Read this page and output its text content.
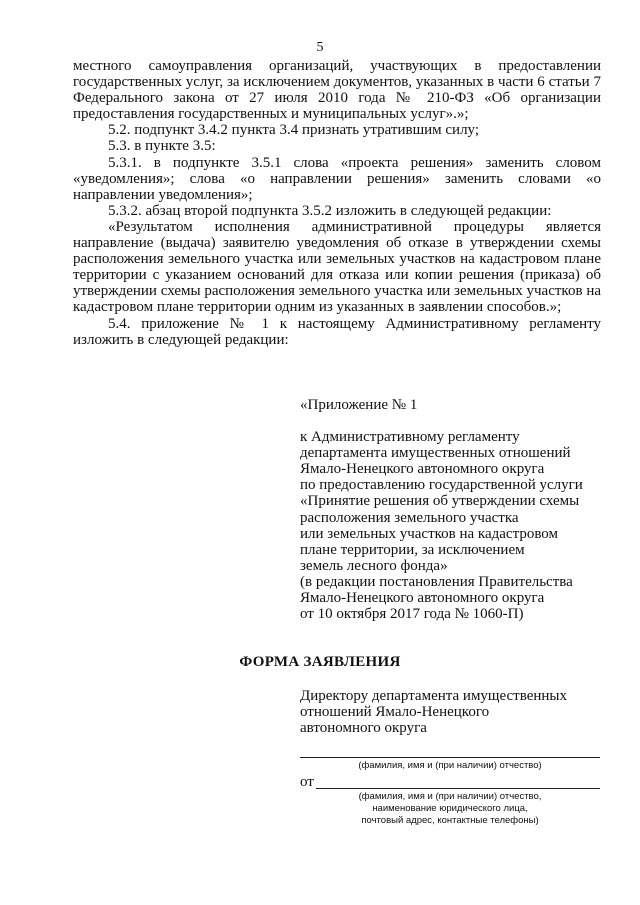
5

местного самоуправления организаций, участвующих в предоставлении государственных услуг, за исключением документов, указанных в части 6 статьи 7 Федерального закона от 27 июля 2010 года № 210-ФЗ «Об организации предоставления государственных и муниципальных услуг».»;

5.2. подпункт 3.4.2 пункта 3.4 признать утратившим силу;

5.3. в пункте 3.5:

5.3.1. в подпункте 3.5.1 слова «проекта решения» заменить словом «уведомления»; слова «о направлении решения» заменить словами «о направлении уведомления»;

5.3.2. абзац второй подпункта 3.5.2 изложить в следующей редакции:

«Результатом исполнения административной процедуры является направление (выдача) заявителю уведомления об отказе в утверждении схемы расположения земельного участка или земельных участков на кадастровом плане территории с указанием оснований для отказа или копии решения (приказа) об утверждении схемы расположения земельного участка или земельных участков на кадастровом плане территории одним из указанных в заявлении способов.»;

5.4. приложение № 1 к настоящему Административному регламенту изложить в следующей редакции:

«Приложение № 1

к Административному регламенту

департамента имущественных отношений

Ямало-Ненецкого автономного округа

по предоставлению государственной услуги

«Принятие решения об утверждении схемы

расположения земельного участка

или земельных участков на кадастровом

плане территории, за исключением

земель лесного фонда»

(в редакции постановления Правительства

Ямало-Ненецкого автономного округа

от 10 октября 2017 года № 1060-П)

ФОРМА ЗАЯВЛЕНИЯ

Директору департамента имущественных

отношений Ямало-Ненецкого

автономного округа

(фамилия, имя и (при наличии) отчество)
от
(фамилия, имя и (при наличии) отчество,
наименование юридического лица,
почтовый адрес, контактные телефоны)
